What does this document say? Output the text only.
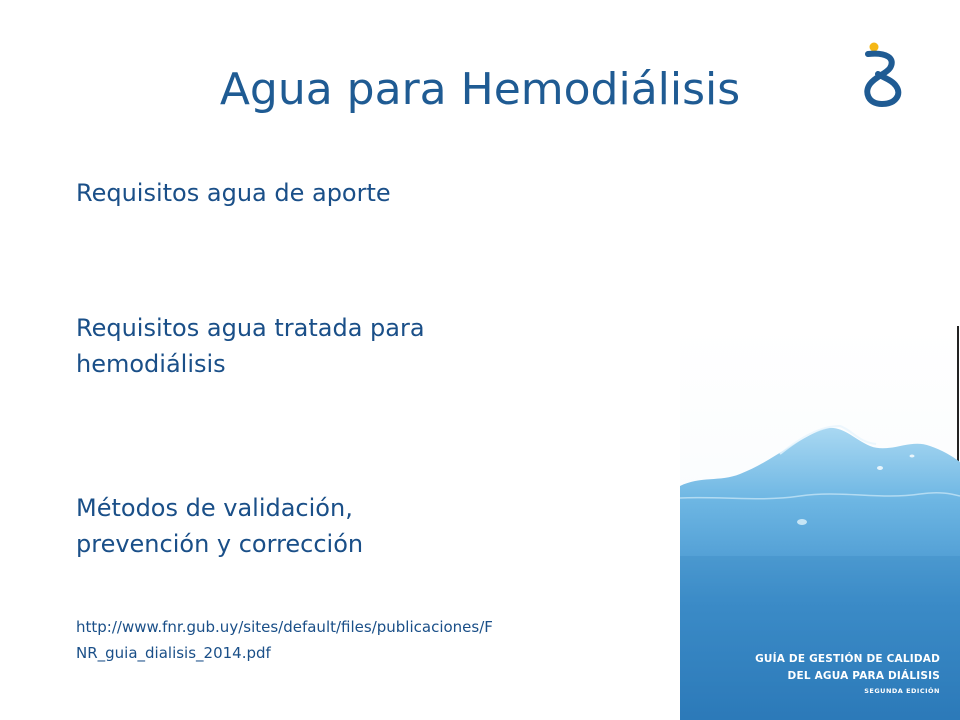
Agua para Hemodiálisis
Requisitos agua de aporte
Requisitos agua tratada para
hemodiálisis
Métodos de validación,
prevención y corrección
http://www.fnr.gub.uy/sites/default/files/publicaciones/F
NR_guia_dialisis_2014.pdf	GUÍA DE GESTIÓN DE CALIDAD
DEL AGUA PARA DIÁLISIS
SEGUNDA EDICIÓN
